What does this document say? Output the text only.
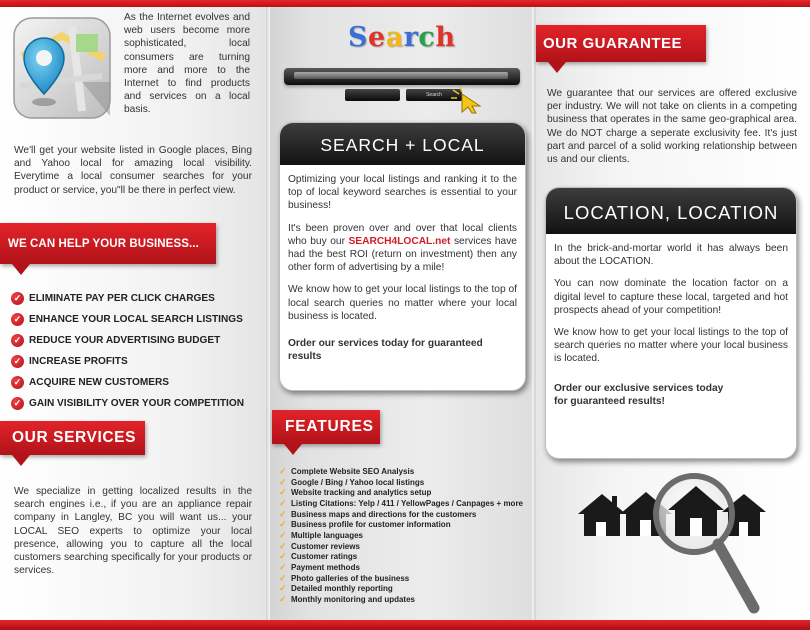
As the Internet evolves and web users become more sophisticated, local consumers are turning more and more to the Internet to find products and services on a local basis.

We'll get your website listed in Google places, Bing and Yahoo local for amazing local visibility. Everytime a local consumer searches for your product or service, you"ll be there in perfect view.

WE CAN HELP YOUR BUSINESS...
✓ ELIMINATE PAY PER CLICK CHARGES
✓ ENHANCE YOUR LOCAL SEARCH LISTINGS
✓ REDUCE YOUR ADVERTISING BUDGET
✓ INCREASE PROFITS
✓ ACQUIRE NEW CUSTOMERS
✓ GAIN VISIBILITY OVER YOUR COMPETITION
OUR SERVICES

We specialize in getting localized results in the search engines i.e., if you are an appliance repair company in Langley, BC you will want us... your LOCAL SEO experts to optimize your local presence, allowing you to capture all the local customers searching specifically for your products or services.

Search
Search
SEARCH + LOCAL

Optimizing your local listings and ranking it to the top of local keyword searches is essential to your business!

It's been proven over and over that local clients who buy our SEARCH4LOCAL.net services have had the best ROI (return on investment) then any other form of advertising by a mile!

We know how to get your local listings to the top of local search queries no matter where your local business is located.

Order our services today for guaranteed results

FEATURES
✓ Complete Website SEO Analysis
✓ Google / Bing / Yahoo local listings
✓ Website tracking and analytics setup
✓ Listing Citations: Yelp / 411 / YellowPages / Canpages + more
✓ Business maps and directions for the customers
✓ Business profile for customer information
✓ Multiple languages
✓ Customer reviews
✓ Customer ratings
✓ Payment methods
✓ Photo galleries of the business
✓ Detailed monthly reporting
✓ Monthly monitoring and updates
OUR GUARANTEE

We guarantee that our services are offered exclusive per industry. We will not take on clients in a competing business that operates in the same geo-graphical area. We do NOT charge a seperate exclusivity fee. It's just part and parcel of a solid working relationship between us and our clients.

LOCATION, LOCATION

In the brick-and-mortar world it has always been about the LOCATION.

You can now dominate the location factor on a digital level to capture these local, targeted and hot prospects ahead of your competition!

We know how to get your local listings to the top of search queries no matter where your local business is located.

Order our exclusive services today
for guaranteed results!
